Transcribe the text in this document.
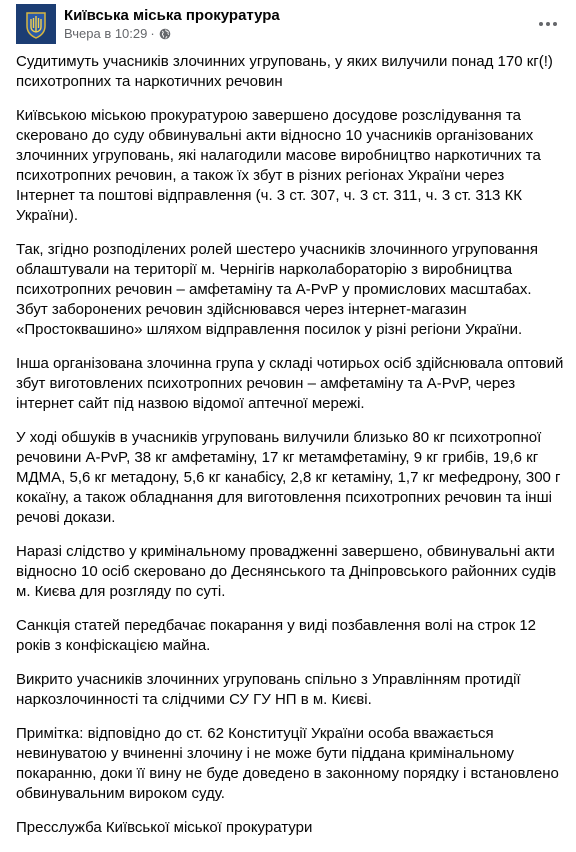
Київська міська прокуратура
Вчера в 10:29 ·

Судитимуть учасників злочинних угруповань, у яких вилучили понад 170 кг(!) психотропних та наркотичних речовин

Київською міською прокуратурою завершено досудове розслідування та скеровано до суду обвинувальні акти відносно 10 учасників організованих злочинних угруповань, які налагодили масове виробництво наркотичних та психотропних речовин, а також їх збут в різних регіонах України через Інтернет та поштові відправлення (ч. 3 ст. 307, ч. 3 ст. 311, ч. 3 ст. 313 КК України).

Так, згідно розподілених ролей шестеро учасників злочинного угруповання облаштували на території м. Чернігів нарколабораторію з виробництва психотропних речовин – амфетаміну та А-PvP у промислових масштабах. Збут заборонених речовин здійснювався через інтернет-магазин «Простоквашино» шляхом відправлення посилок у різні регіони України.

Інша організована злочинна група у складі чотирьох осіб здійснювала оптовий збут виготовлених психотропних речовин – амфетаміну та А-PvP, через інтернет сайт під назвою відомої аптечної мережі.

У ході обшуків в учасників угруповань вилучили близько 80 кг психотропної речовини А-PvP, 38 кг амфетаміну, 17 кг метамфетаміну, 9 кг грибів, 19,6 кг МДМА, 5,6 кг метадону, 5,6 кг канабісу, 2,8 кг кетаміну, 1,7 кг мефедрону, 300 г кокаїну, а також обладнання для виготовлення психотропних речовин та інші речові докази.

Наразі слідство у кримінальному провадженні завершено, обвинувальні акти відносно 10 осіб скеровано до Деснянського та Дніпровського районних судів м. Києва для розгляду по суті.

Санкція статей передбачає покарання у виді позбавлення волі на строк 12 років з конфіскацією майна.

Викрито учасників злочинних угруповань спільно з Управлінням протидії наркозлочинності та слідчими СУ ГУ НП в м. Києві.

Примітка: відповідно до ст. 62 Конституції України особа вважається невинуватою у вчиненні злочину і не може бути піддана кримінальному покаранню, доки її вину не буде доведено в законному порядку і встановлено обвинувальним вироком суду.

Пресслужба Київської міської прокуратури
